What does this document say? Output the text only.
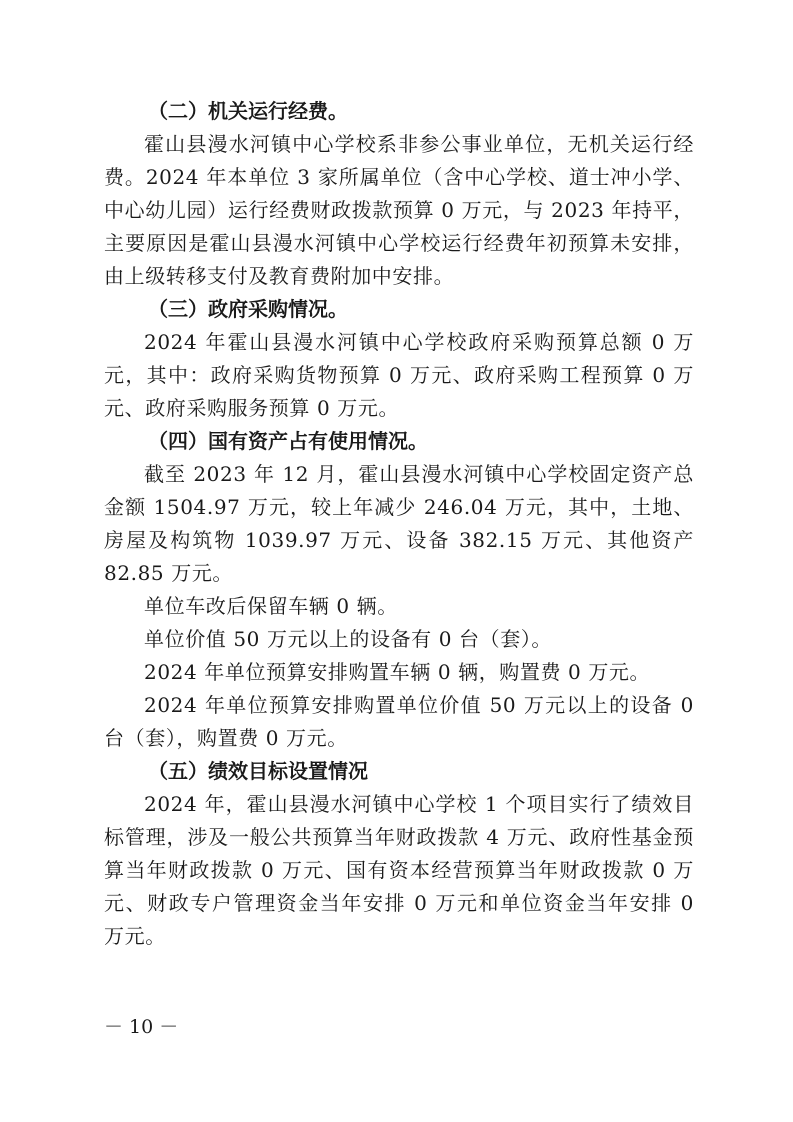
（二）机关运行经费。
霍山县漫水河镇中心学校系非参公事业单位，无机关运行经费。2024 年本单位 3 家所属单位（含中心学校、道士冲小学、中心幼儿园）运行经费财政拨款预算 0 万元，与 2023 年持平，主要原因是霍山县漫水河镇中心学校运行经费年初预算未安排，由上级转移支付及教育费附加中安排。
（三）政府采购情况。
2024 年霍山县漫水河镇中心学校政府采购预算总额 0 万元，其中：政府采购货物预算 0 万元、政府采购工程预算 0 万元、政府采购服务预算 0 万元。
（四）国有资产占有使用情况。
截至 2023 年 12 月，霍山县漫水河镇中心学校固定资产总金额 1504.97 万元，较上年减少 246.04 万元，其中，土地、房屋及构筑物 1039.97 万元、设备 382.15 万元、其他资产 82.85 万元。
单位车改后保留车辆 0 辆。
单位价值 50 万元以上的设备有 0 台（套）。
2024 年单位预算安排购置车辆 0 辆，购置费 0 万元。
2024 年单位预算安排购置单位价值 50 万元以上的设备 0 台（套），购置费 0 万元。
（五）绩效目标设置情况
2024 年，霍山县漫水河镇中心学校 1 个项目实行了绩效目标管理，涉及一般公共预算当年财政拨款 4 万元、政府性基金预算当年财政拨款 0 万元、国有资本经营预算当年财政拨款 0 万元、财政专户管理资金当年安排 0 万元和单位资金当年安排 0 万元。
－ 10 －
